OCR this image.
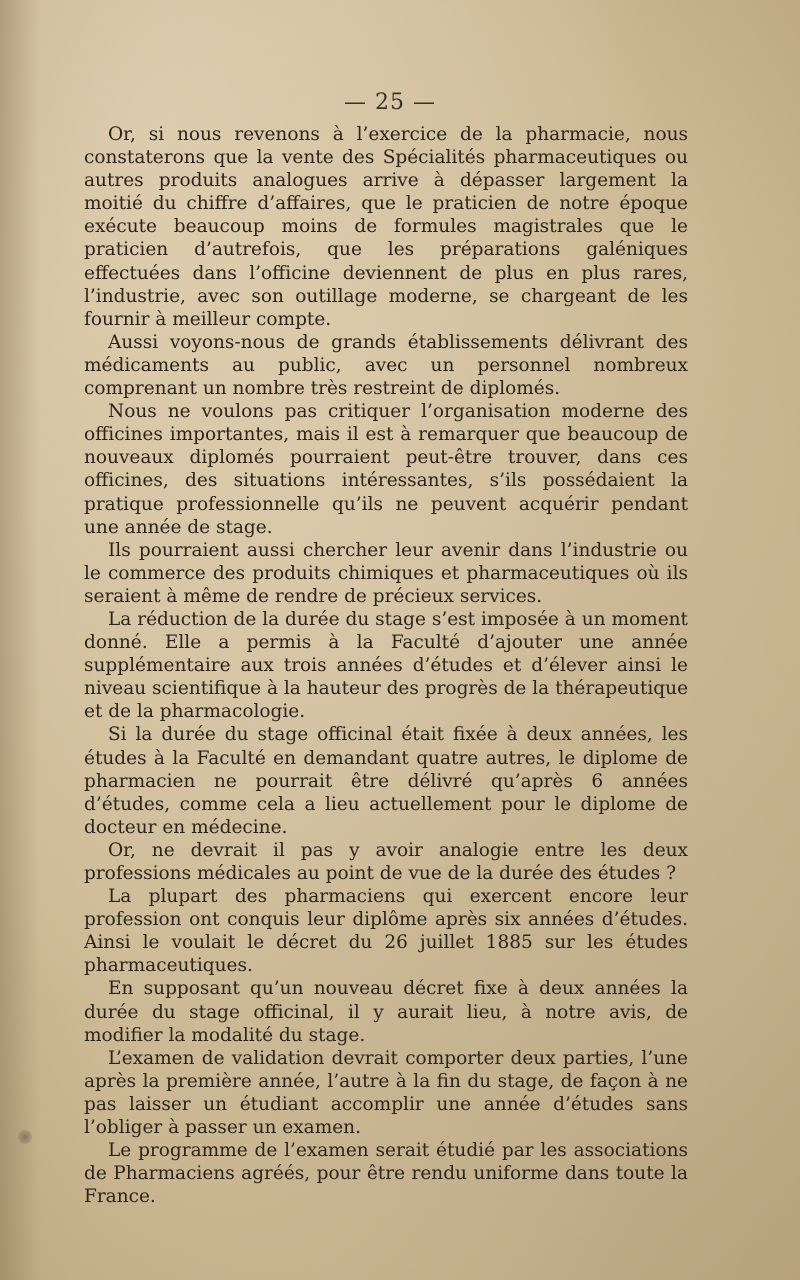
— 25 —

Or, si nous revenons à l’exercice de la pharmacie, nous constaterons que la vente des Spécialités pharmaceutiques ou autres produits analogues arrive à dépasser largement la moitié du chiffre d’affaires, que le praticien de notre époque exécute beaucoup moins de formules magistrales que le praticien d’autrefois, que les préparations galéniques effectuées dans l’officine deviennent de plus en plus rares, l’industrie, avec son outillage moderne, se chargeant de les fournir à meilleur compte.

Aussi voyons-nous de grands établissements délivrant des médicaments au public, avec un personnel nombreux comprenant un nombre très restreint de diplomés.

Nous ne voulons pas critiquer l’organisation moderne des officines importantes, mais il est à remarquer que beaucoup de nouveaux diplomés pourraient peut-être trouver, dans ces officines, des situations intéressantes, s’ils possédaient la pratique professionnelle qu’ils ne peuvent acquérir pendant une année de stage.

Ils pourraient aussi chercher leur avenir dans l’industrie ou le commerce des produits chimiques et pharmaceutiques où ils seraient à même de rendre de précieux services.

La réduction de la durée du stage s’est imposée à un moment donné. Elle a permis à la Faculté d’ajouter une année supplémentaire aux trois années d’études et d’élever ainsi le niveau scientifique à la hauteur des progrès de la thérapeutique et de la pharmacologie.

Si la durée du stage officinal était fixée à deux années, les études à la Faculté en demandant quatre autres, le diplome de pharmacien ne pourrait être délivré qu’après 6 années d’études, comme cela a lieu actuellement pour le diplome de docteur en médecine.

Or, ne devrait il pas y avoir analogie entre les deux professions médicales au point de vue de la durée des études ?

La plupart des pharmaciens qui exercent encore leur profession ont conquis leur diplôme après six années d’études. Ainsi le voulait le décret du 26 juillet 1885 sur les études pharmaceutiques.

En supposant qu’un nouveau décret fixe à deux années la durée du stage officinal, il y aurait lieu, à notre avis, de modifier la modalité du stage.

L’examen de validation devrait comporter deux parties, l’une après la première année, l’autre à la fin du stage, de façon à ne pas laisser un étudiant accomplir une année d’études sans l’obliger à passer un examen.

Le programme de l’examen serait étudié par les associations de Pharmaciens agréés, pour être rendu uniforme dans toute la France.
